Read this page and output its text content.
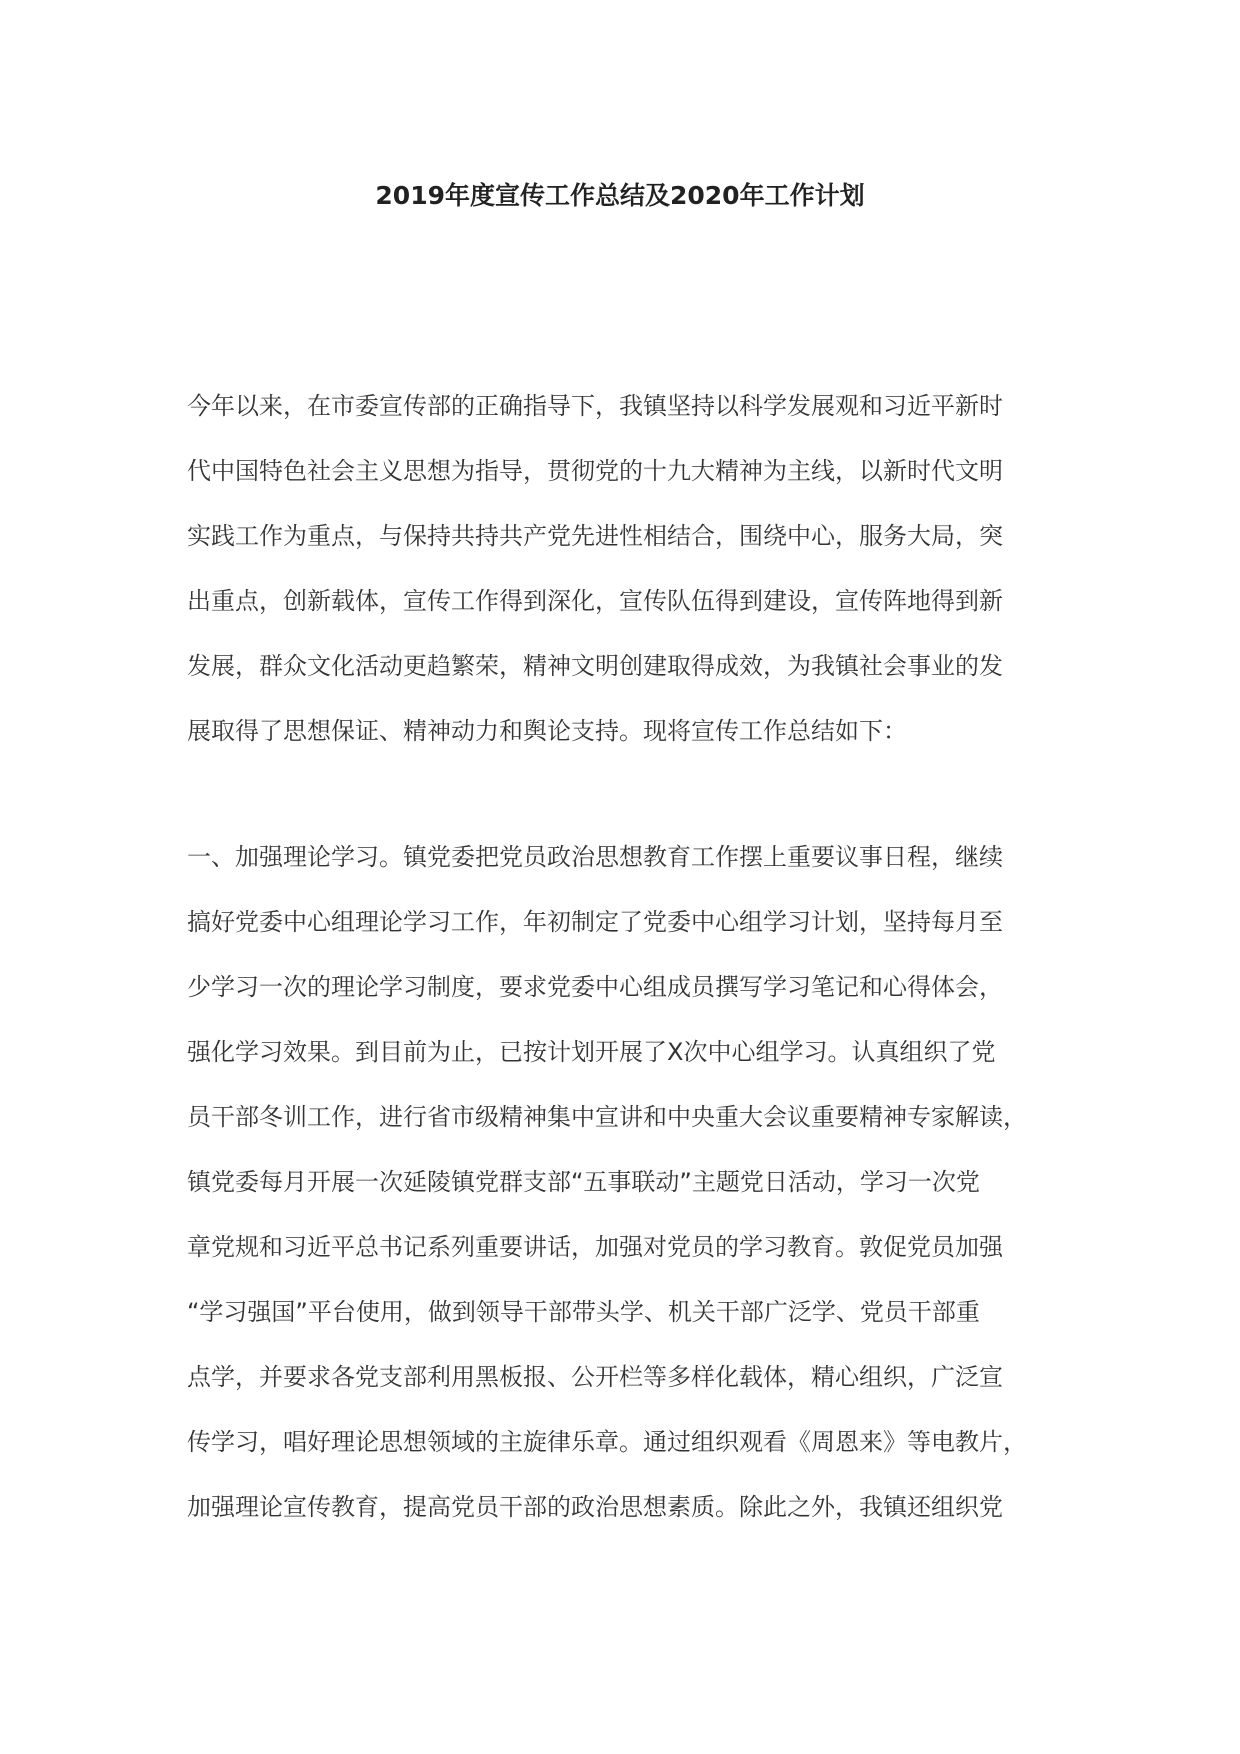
2019年度宣传工作总结及2020年工作计划
今年以来，在市委宣传部的正确指导下，我镇坚持以科学发展观和习近平新时
代中国特色社会主义思想为指导，贯彻党的十九大精神为主线，以新时代文明
实践工作为重点，与保持共持共产党先进性相结合，围绕中心，服务大局，突
出重点，创新载体，宣传工作得到深化，宣传队伍得到建设，宣传阵地得到新
发展，群众文化活动更趋繁荣，精神文明创建取得成效，为我镇社会事业的发
展取得了思想保证、精神动力和舆论支持。现将宣传工作总结如下：
一、加强理论学习。镇党委把党员政治思想教育工作摆上重要议事日程，继续
搞好党委中心组理论学习工作，年初制定了党委中心组学习计划，坚持每月至
少学习一次的理论学习制度，要求党委中心组成员撰写学习笔记和心得体会，
强化学习效果。到目前为止，已按计划开展了X次中心组学习。认真组织了党
员干部冬训工作，进行省市级精神集中宣讲和中央重大会议重要精神专家解读，
镇党委每月开展一次延陵镇党群支部“五事联动”主题党日活动，学习一次党
章党规和习近平总书记系列重要讲话，加强对党员的学习教育。敦促党员加强
“学习强国”平台使用，做到领导干部带头学、机关干部广泛学、党员干部重
点学，并要求各党支部利用黑板报、公开栏等多样化载体，精心组织，广泛宣
传学习，唱好理论思想领域的主旋律乐章。通过组织观看《周恩来》等电教片，
加强理论宣传教育，提高党员干部的政治思想素质。除此之外，我镇还组织党
